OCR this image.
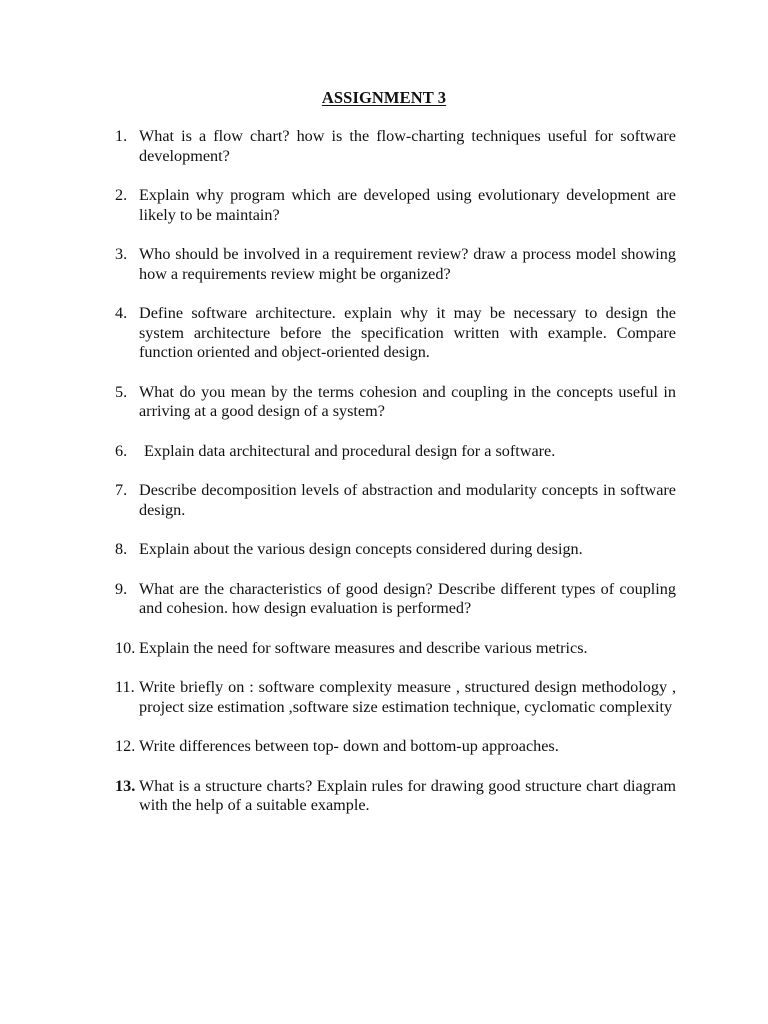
ASSIGNMENT 3
1. What is a flow chart? how is the flow-charting techniques useful for software development?
2. Explain why program which are developed using evolutionary development are likely to be maintain?
3. Who should be involved in a requirement review? draw a process model showing how a requirements review might be organized?
4. Define software architecture. explain why it may be necessary to design the system architecture before the specification written with example. Compare function oriented and object-oriented design.
5. What do you mean by the terms cohesion and coupling in the concepts useful in arriving at a good design of a system?
6.	Explain data architectural and procedural design for a software.
7. Describe decomposition levels of abstraction and modularity concepts in software design.
8. Explain about the various design concepts considered during design.
9. What are the characteristics of good design? Describe different types of coupling and cohesion. how design evaluation is performed?
10. Explain the need for software measures and describe various metrics.
11. Write briefly on : software complexity measure , structured design methodology , project size estimation ,software size estimation technique, cyclomatic complexity
12. Write differences between top- down and bottom-up approaches.
13. What is a structure charts? Explain rules for drawing good structure chart diagram with the help of a suitable example.
